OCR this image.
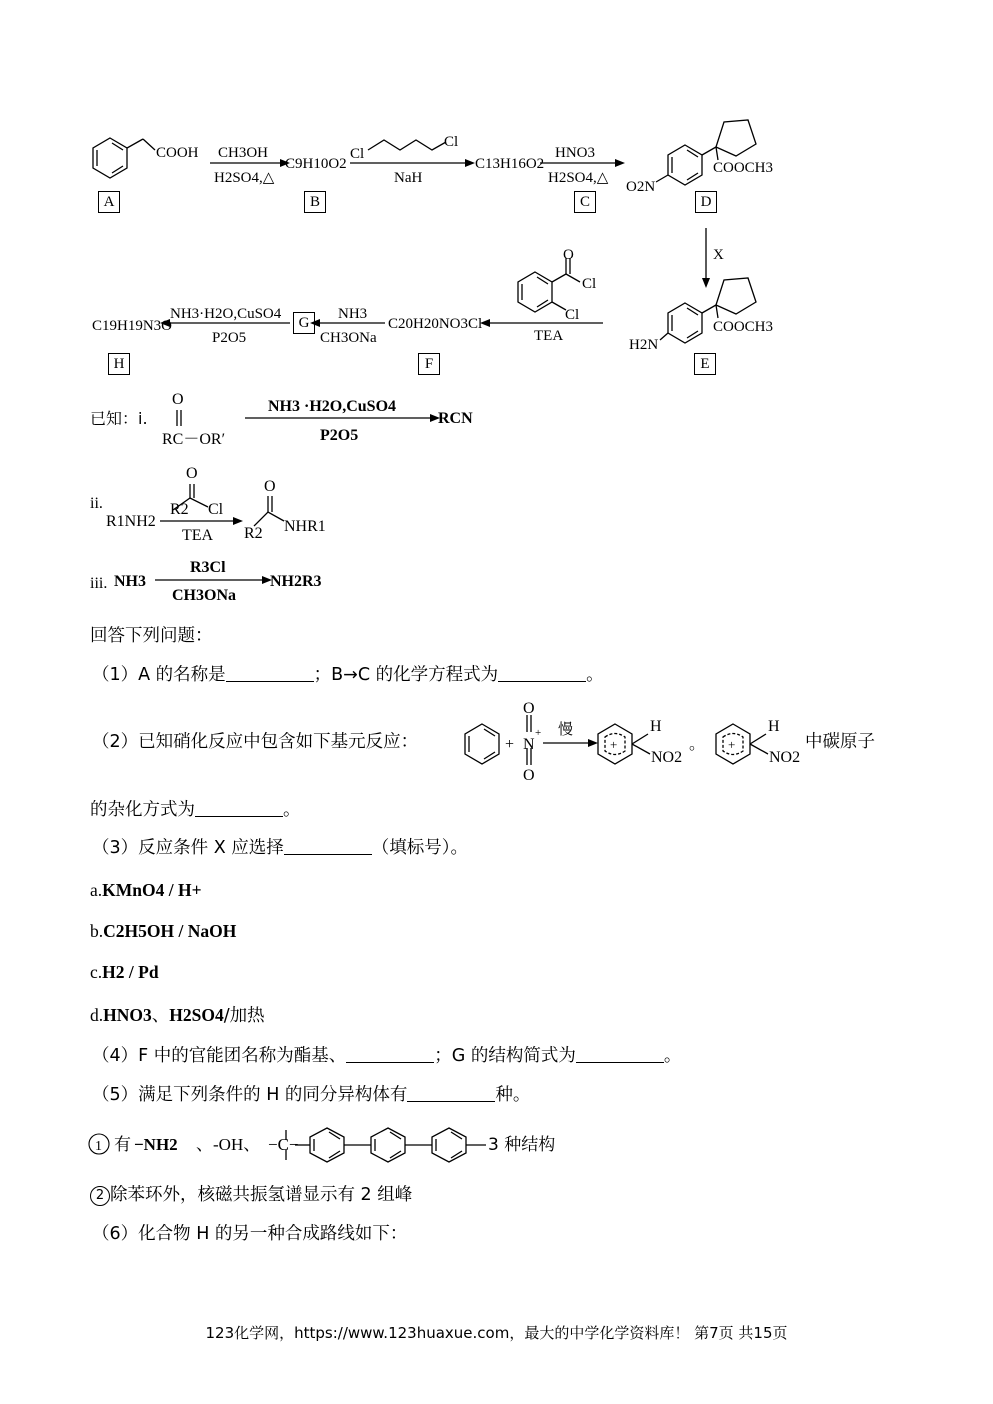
COOH CH3OH
H2SO4,△
C9H10O2
Cl
Cl
NaH
C13H16O2
HNO3
H2SO4,△
COOCH3
O2N
X
COOCH3
H2N
O
Cl
Cl
TEA
C20H20NO3Cl
NH3
CH3ONa
NH3·H2O,CuSO4
P2O5
C19H19N3O
A	B	C	D
E
F
G
H
已知：i.
O
RC－OR′
NH3 ·H2O,CuSO4
P2O5
RCN
ii.
R1NH2
R2
O
Cl
TEA R2
O
NHR1
iii. NH3
R3Cl
CH3ONa
NH2R3
回答下列问题：
（1）A 的名称是	；B→C 的化学方程式为	。
（2）已知硝化反应中包含如下基元反应：	+
O
N
+
O
慢
+
H
NO2
。 +
H
NO2
中碳原子
的杂化方式为	。
（3）反应条件 X 应选择	（填标号）。
a.KMnO4 / H+
b.C2H5OH / NaOH
c.H2 / Pd
d.HNO3、H2SO4/加热
（4）F 中的官能团名称为酯基、	；G 的结构简式为	。
（5）满足下列条件的 H 的同分异构体有	种。
1 有 −NH2 、-OH、 −C−	3 种结构
2 除苯环外，核磁共振氢谱显示有 2 组峰
（6）化合物 H 的另一种合成路线如下：
123化学网，https://www.123huaxue.com，最大的中学化学资料库！ 第7页 共15页
